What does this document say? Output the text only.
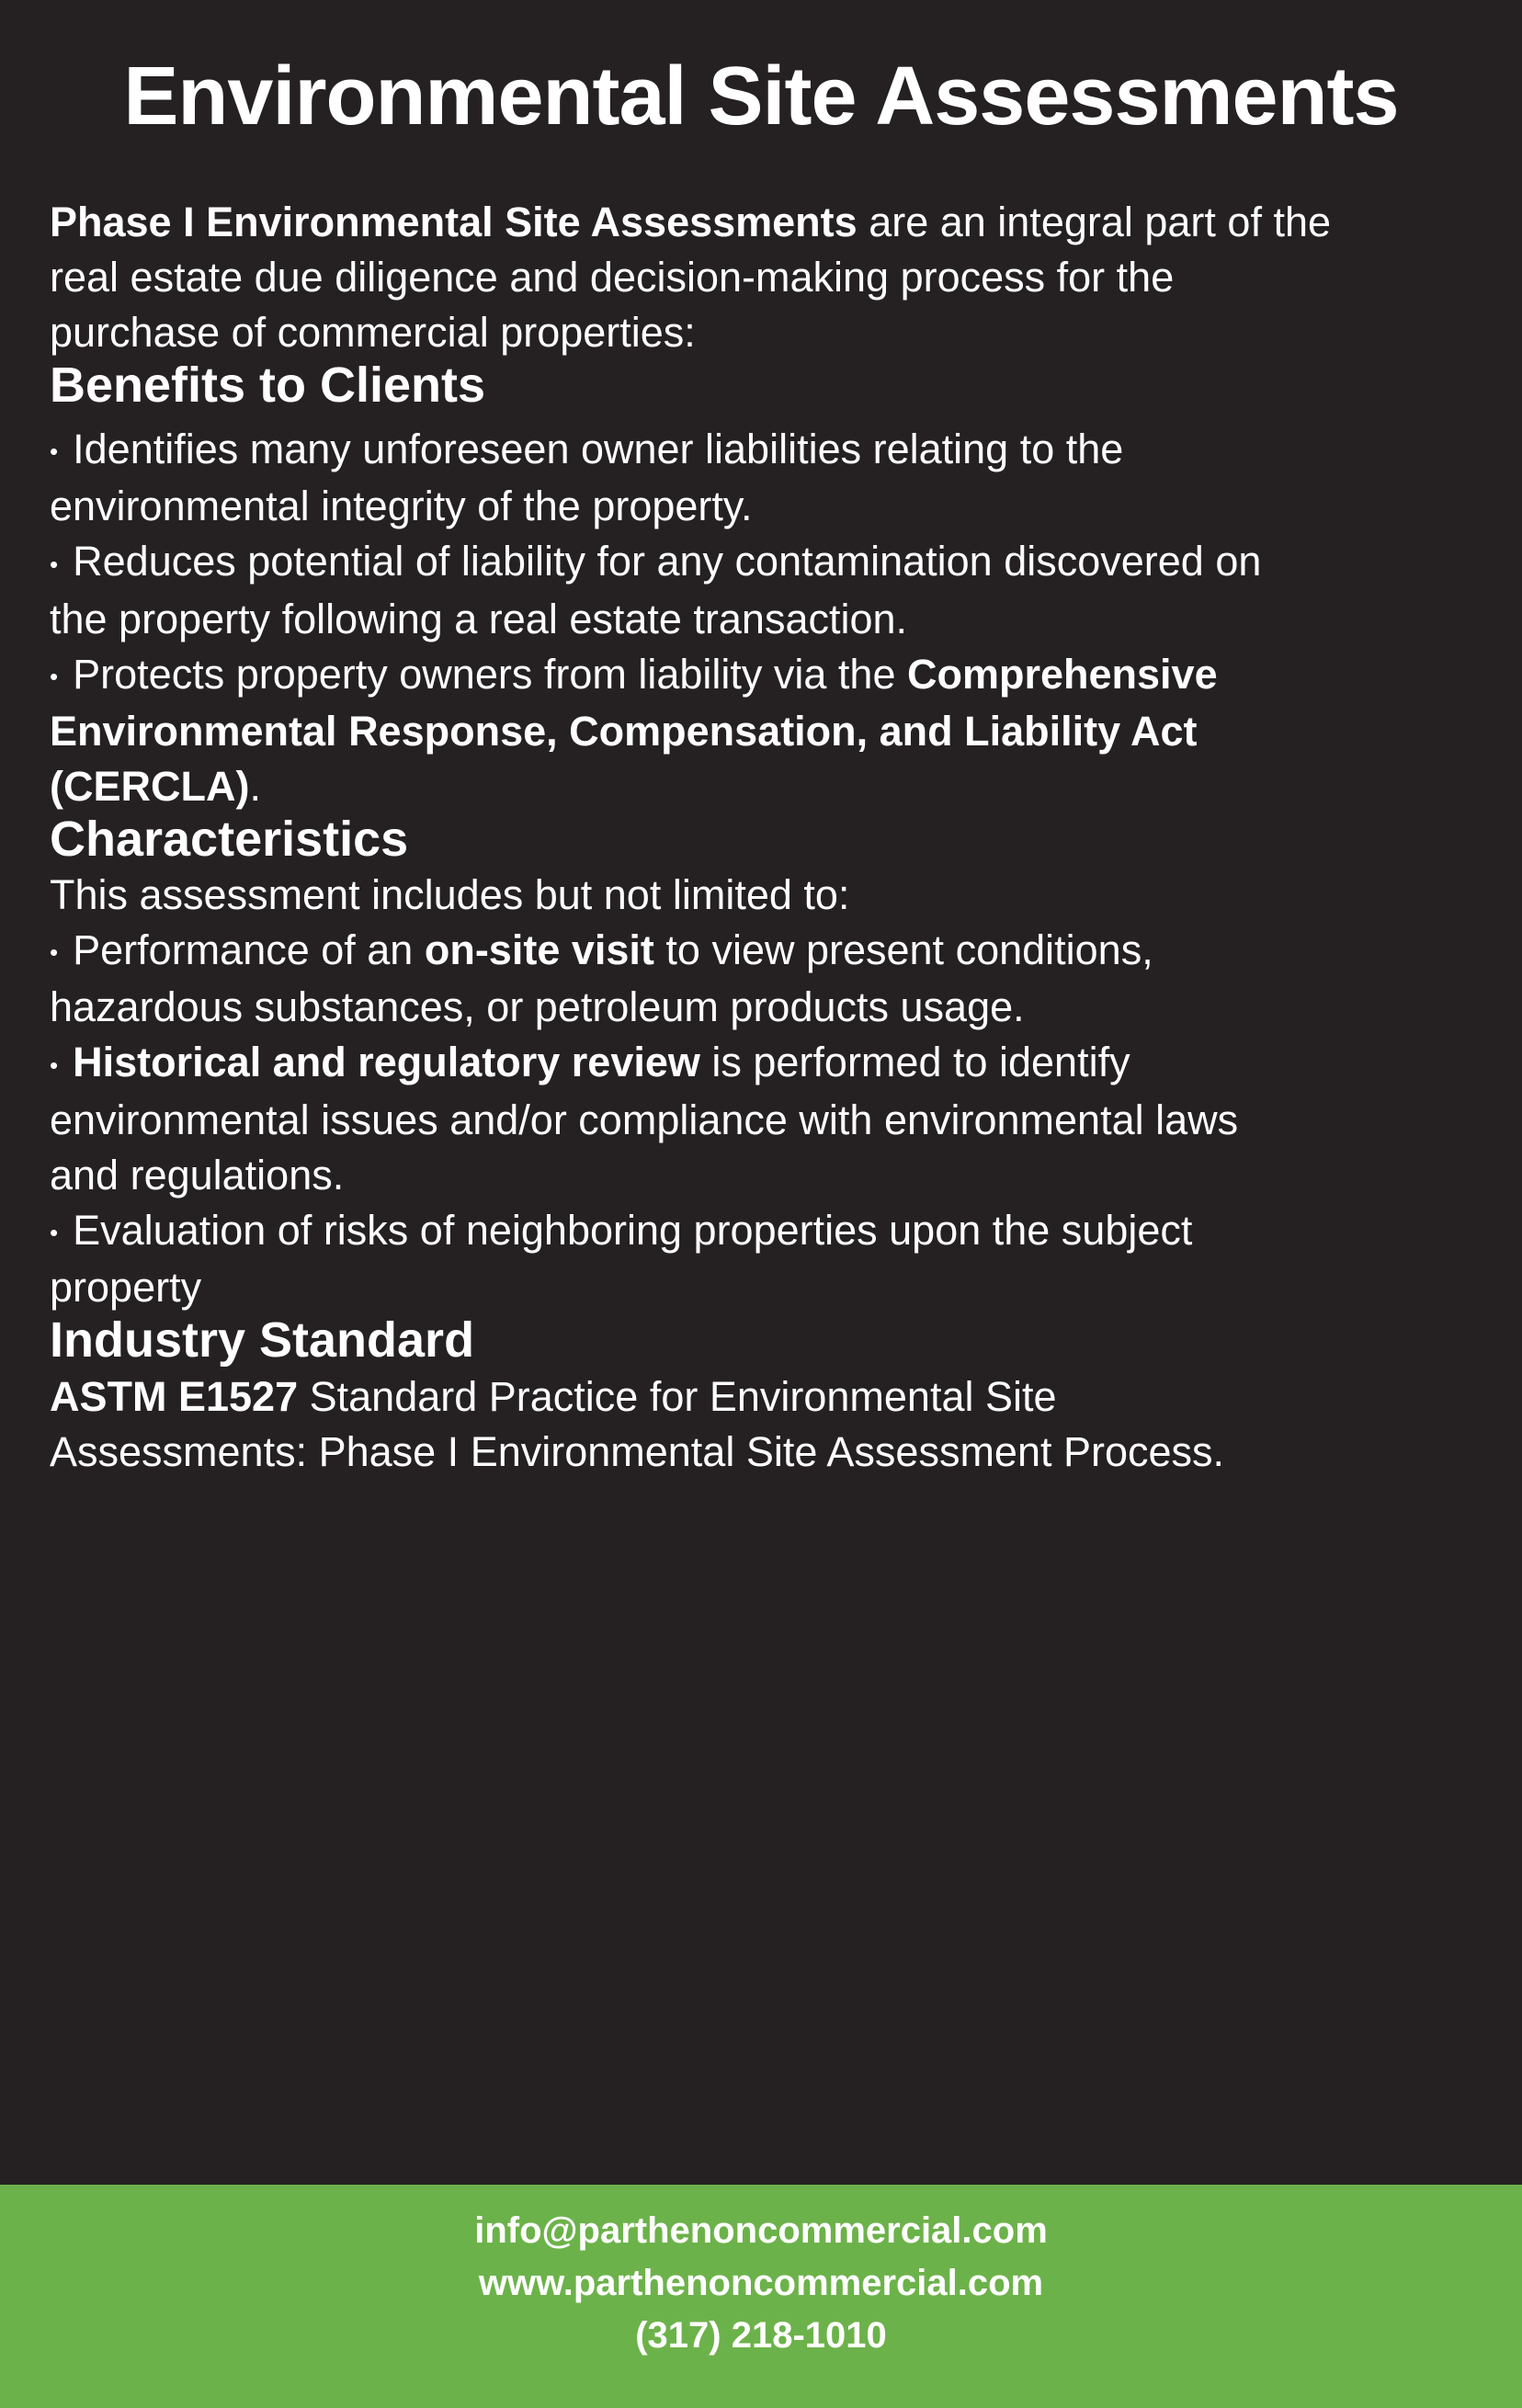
Environmental Site Assessments

Phase I Environmental Site Assessments are an integral part of the
real estate due diligence and decision-making process for the
purchase of commercial properties:

Benefits to Clients

• Identifies many unforeseen owner liabilities relating to the
environmental integrity of the property.
• Reduces potential of liability for any contamination discovered on
the property following a real estate transaction.
• Protects property owners from liability via the Comprehensive
Environmental Response, Compensation, and Liability Act
(CERCLA).

Characteristics

This assessment includes but not limited to:
• Performance of an on-site visit to view present conditions,
hazardous substances, or petroleum products usage.
• Historical and regulatory review is performed to identify
environmental issues and/or compliance with environmental laws
and regulations.
• Evaluation of risks of neighboring properties upon the subject
property

Industry Standard

ASTM E1527 Standard Practice for Environmental Site
Assessments: Phase I Environmental Site Assessment Process.

info@parthenoncommercial.com
www.parthenoncommercial.com
(317) 218-1010
